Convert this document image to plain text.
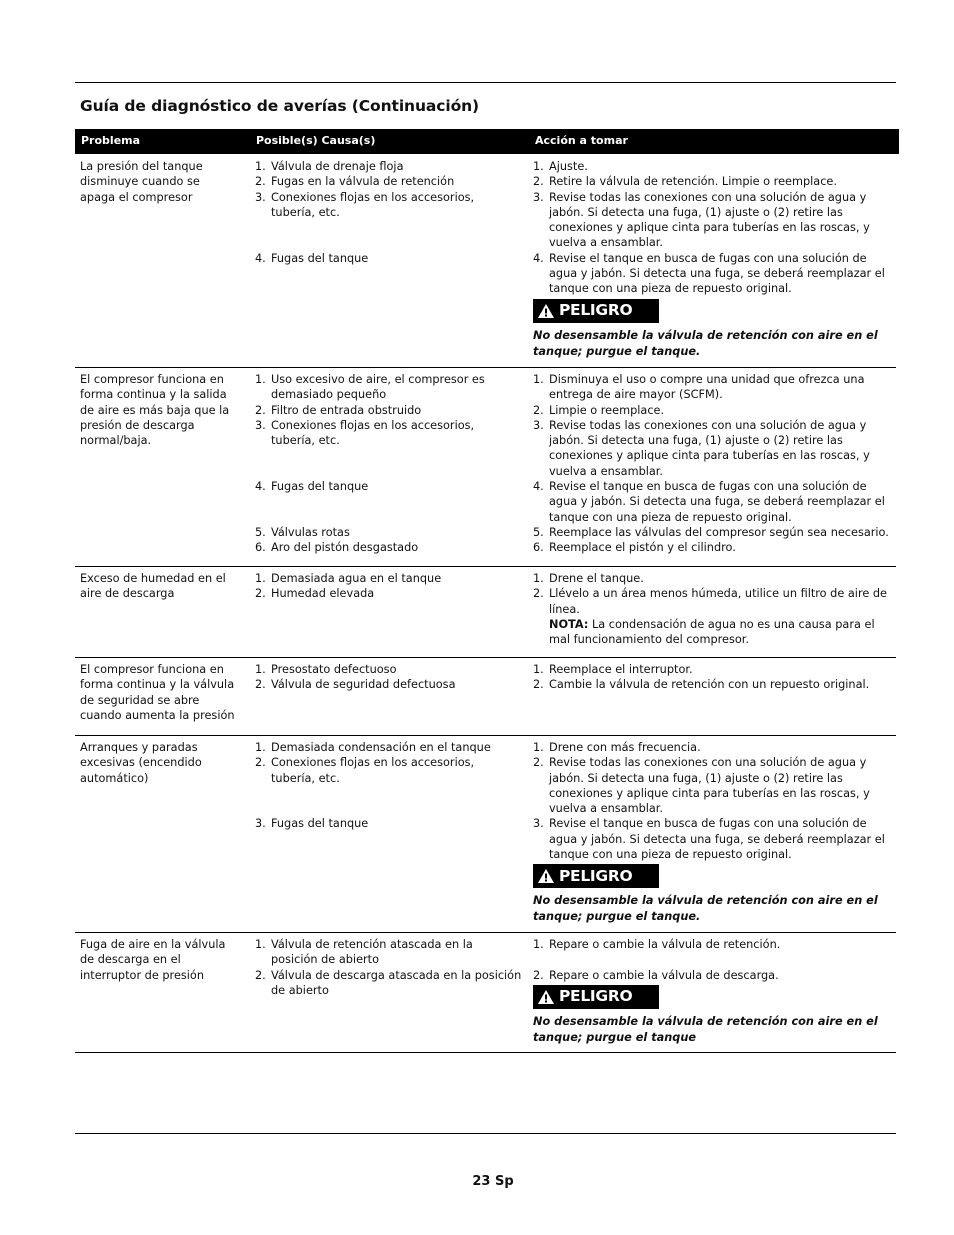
Guía de diagnóstico de averías (Continuación)
Problema	Posible(s) Causa(s)	Acción a tomar
La presión del tanque
disminuye cuando se
apaga el compresor
1. Válvula de drenaje floja
2. Fugas en la válvula de retención
3. Conexiones flojas en los accesorios,
tubería, etc.
4. Fugas del tanque
1. Ajuste.
2. Retire la válvula de retención. Limpie o reemplace.
3. Revise todas las conexiones con una solución de agua y
jabón. Si detecta una fuga, (1) ajuste o (2) retire las
conexiones y aplique cinta para tuberías en las roscas, y
vuelva a ensamblar.
4. Revise el tanque en busca de fugas con una solución de
agua y jabón. Si detecta una fuga, se deberá reemplazar el
tanque con una pieza de repuesto original.
PELIGRO
No desensamble la válvula de retención con aire en el
tanque; purgue el tanque.
El compresor funciona en
forma continua y la salida
de aire es más baja que la
presión de descarga
normal/baja.
1. Uso excesivo de aire, el compresor es
demasiado pequeño
2. Filtro de entrada obstruido
3. Conexiones flojas en los accesorios,
tubería, etc.
4. Fugas del tanque
5. Válvulas rotas
6. Aro del pistón desgastado
1. Disminuya el uso o compre una unidad que ofrezca una
entrega de aire mayor (SCFM).
2. Limpie o reemplace.
3. Revise todas las conexiones con una solución de agua y
jabón. Si detecta una fuga, (1) ajuste o (2) retire las
conexiones y aplique cinta para tuberías en las roscas, y
vuelva a ensamblar.
4. Revise el tanque en busca de fugas con una solución de
agua y jabón. Si detecta una fuga, se deberá reemplazar el
tanque con una pieza de repuesto original.
5. Reemplace las válvulas del compresor según sea necesario.
6. Reemplace el pistón y el cilindro.
Exceso de humedad en el
aire de descarga
1. Demasiada agua en el tanque
2. Humedad elevada
1. Drene el tanque.
2. Llévelo a un área menos húmeda, utilice un filtro de aire de
línea.
NOTA: La condensación de agua no es una causa para el
mal funcionamiento del compresor.
El compresor funciona en
forma continua y la válvula
de seguridad se abre
cuando aumenta la presión
1. Presostato defectuoso
2. Válvula de seguridad defectuosa
1. Reemplace el interruptor.
2. Cambie la válvula de retención con un repuesto original.
Arranques y paradas
excesivas (encendido
automático)
1. Demasiada condensación en el tanque
2. Conexiones flojas en los accesorios,
tubería, etc.
3. Fugas del tanque
1. Drene con más frecuencia.
2. Revise todas las conexiones con una solución de agua y
jabón. Si detecta una fuga, (1) ajuste o (2) retire las
conexiones y aplique cinta para tuberías en las roscas, y
vuelva a ensamblar.
3. Revise el tanque en busca de fugas con una solución de
agua y jabón. Si detecta una fuga, se deberá reemplazar el
tanque con una pieza de repuesto original.
PELIGRO
No desensamble la válvula de retención con aire en el
tanque; purgue el tanque.
Fuga de aire en la válvula
de descarga en el
interruptor de presión
1. Válvula de retención atascada en la
posición de abierto
2. Válvula de descarga atascada en la posición
de abierto
1. Repare o cambie la válvula de retención.
2. Repare o cambie la válvula de descarga.
PELIGRO
No desensamble la válvula de retención con aire en el
tanque; purgue el tanque
23 Sp
